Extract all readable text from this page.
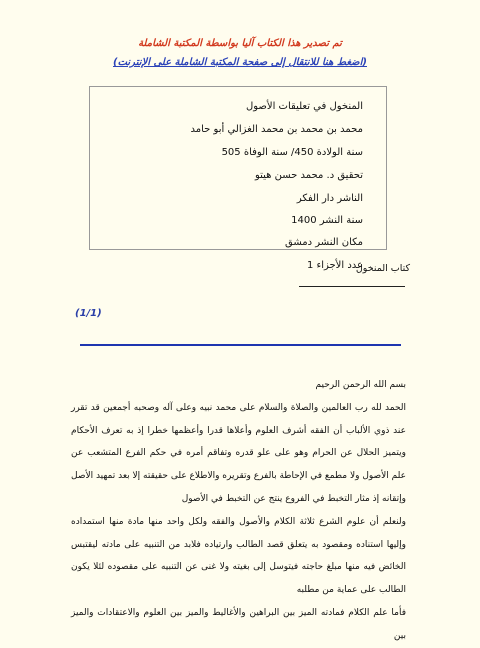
تم تصدير هذا الكتاب آليا بواسطة المكتبة الشاملة
(اضغط هنا للانتقال إلى صفحة المكتبة الشاملة على الإنترنت)
المنخول في تعليقات الأصول
محمد بن محمد بن محمد الغزالي أبو حامد
سنة الولادة 450/ سنة الوفاة 505
تحقيق د. محمد حسن هيتو
الناشر دار الفكر
سنة النشر 1400
مكان النشر دمشق
عدد الأجزاء 1
كتاب المنخول
(1/1)

بسم الله الرحمن الرحيم

الحمد لله رب العالمين والصلاة والسلام على محمد نبيه وعلى آله وصحبه أجمعين قد تقرر عند ذوي الألباب أن الفقه أشرف العلوم وأعلاها قدرا وأعظمها خطرا إذ به تعرف الأحكام ويتميز الحلال عن الحرام وهو على علو قدره وتفاقم أمره في حكم الفرع المتشعب عن علم الأصول ولا مطمع في الإحاطة بالفرع وتقريره والاطلاع على حقيقته إلا بعد تمهيد الأصل وإتقانه إذ مثار التخبط في الفروع ينتج عن التخبط في الأصول

ولنعلم أن علوم الشرع ثلاثة الكلام والأصول والفقه ولكل واحد منها مادة منها استمداده وإليها استناده ومقصود به يتعلق قصد الطالب وارتياده فلابد من التنبيه على مادته ليقتبس الخائض فيه منها مبلغ حاجته فيتوسل إلى بغيته ولا غنى عن التنبيه على مقصوده لئلا يكون الطالب على عماية من مطلبه

فأما علم الكلام فمادته الميز بين البراهين والأغاليط والميز بين العلوم والاعتقادات والميز بين
